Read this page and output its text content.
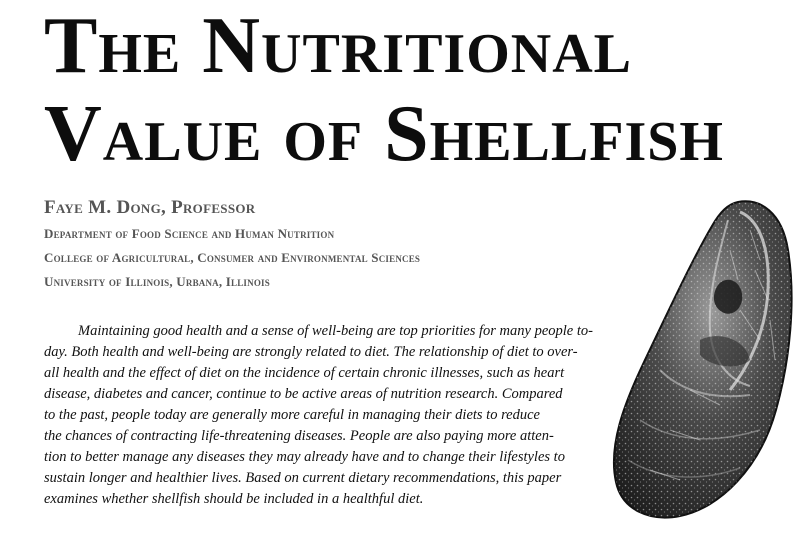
The Nutritional
Value of Shellfish
Faye M. Dong, Professor
Department of Food Science and Human Nutrition
College of Agricultural, Consumer and Environmental Sciences
University of Illinois, Urbana, Illinois

Maintaining good health and a sense of well-being are top priorities for many people to-
day. Both health and well-being are strongly related to diet. The relationship of diet to over-
all health and the effect of diet on the incidence of certain chronic illnesses, such as heart
disease, diabetes and cancer, continue to be active areas of nutrition research. Compared
to the past, people today are generally more careful in managing their diets to reduce
the chances of contracting life-threatening diseases. People are also paying more atten-
tion to better manage any diseases they may already have and to change their lifestyles to
sustain longer and healthier lives. Based on current dietary recommendations, this paper
examines whether shellfish should be included in a healthful diet.
